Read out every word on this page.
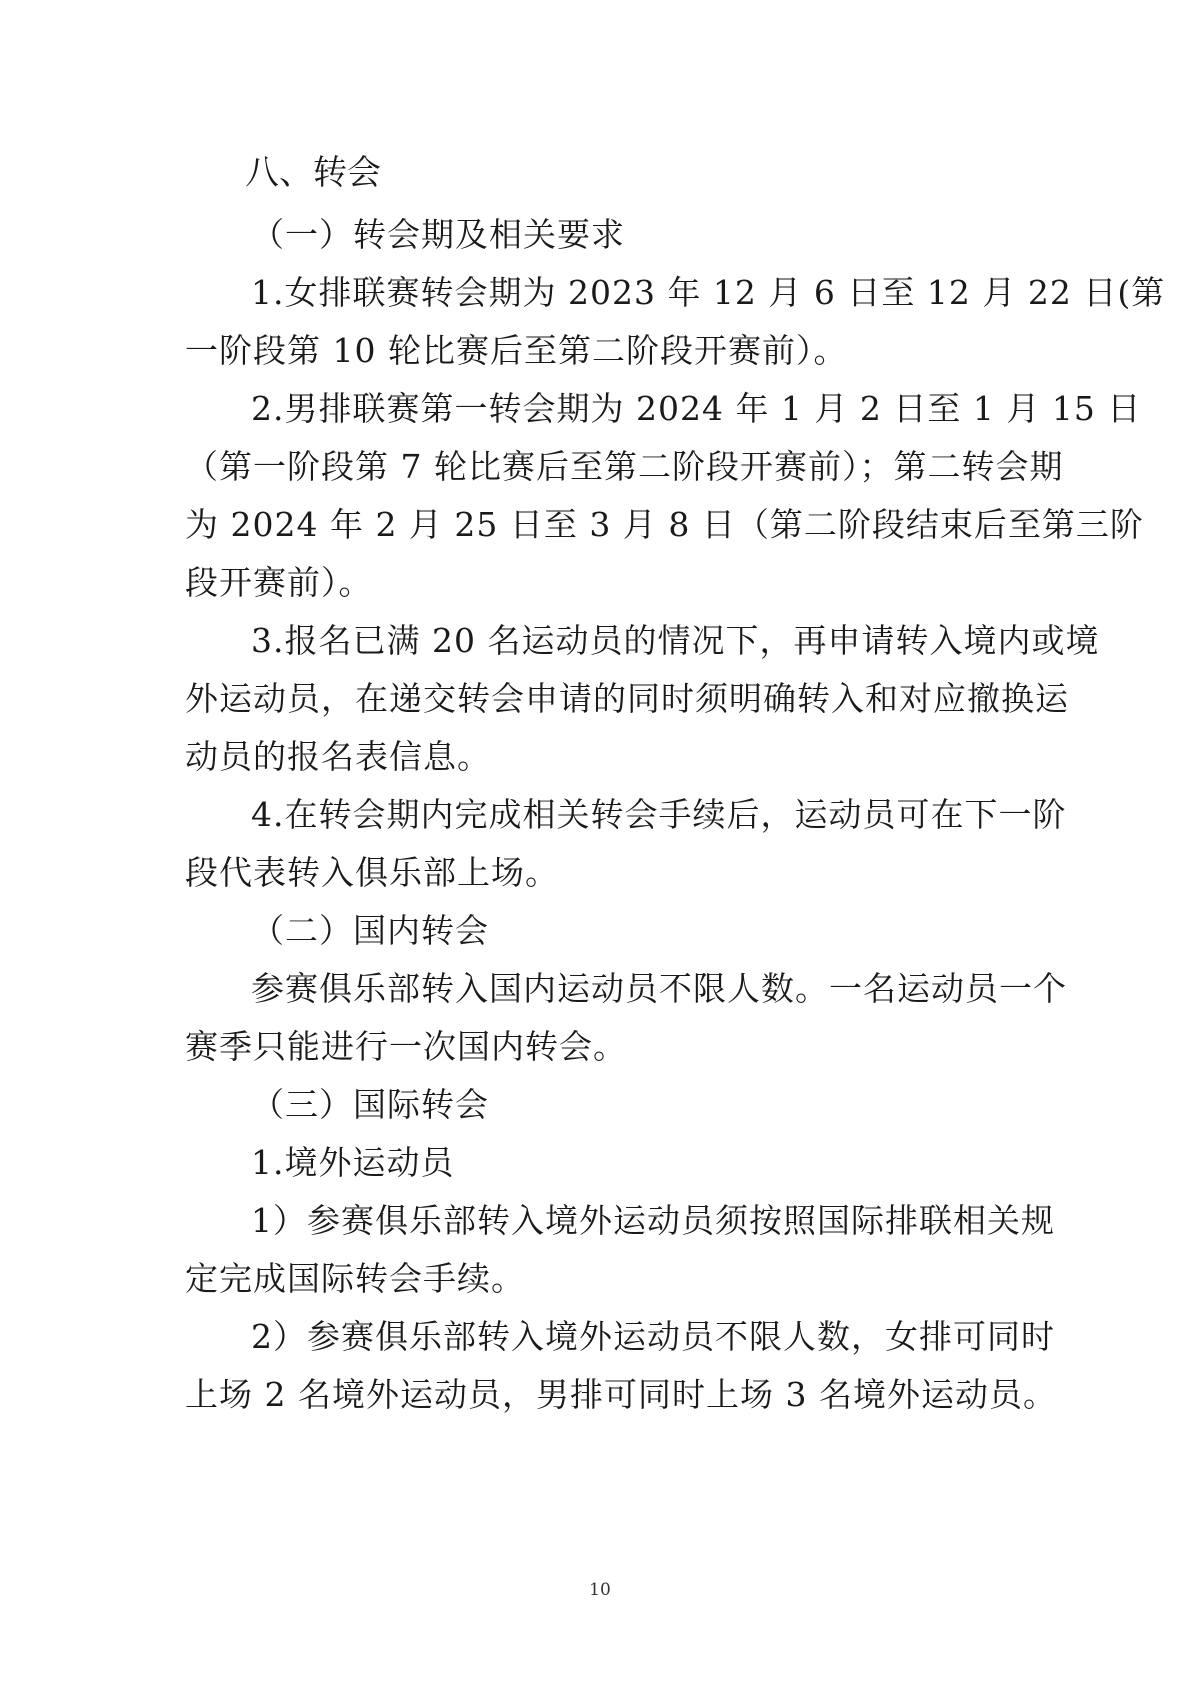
八、转会
（一）转会期及相关要求
1.女排联赛转会期为 2023 年 12 月 6 日至 12 月 22 日(第
一阶段第 10 轮比赛后至第二阶段开赛前）。
2.男排联赛第一转会期为 2024 年 1 月 2 日至 1 月 15 日
（第一阶段第 7 轮比赛后至第二阶段开赛前）；第二转会期
为 2024 年 2 月 25 日至 3 月 8 日（第二阶段结束后至第三阶
段开赛前）。
3.报名已满 20 名运动员的情况下，再申请转入境内或境
外运动员，在递交转会申请的同时须明确转入和对应撤换运
动员的报名表信息。
4.在转会期内完成相关转会手续后，运动员可在下一阶
段代表转入俱乐部上场。
（二）国内转会
参赛俱乐部转入国内运动员不限人数。一名运动员一个
赛季只能进行一次国内转会。
（三）国际转会
1.境外运动员
1）参赛俱乐部转入境外运动员须按照国际排联相关规
定完成国际转会手续。
2）参赛俱乐部转入境外运动员不限人数，女排可同时
上场 2 名境外运动员，男排可同时上场 3 名境外运动员。
10
